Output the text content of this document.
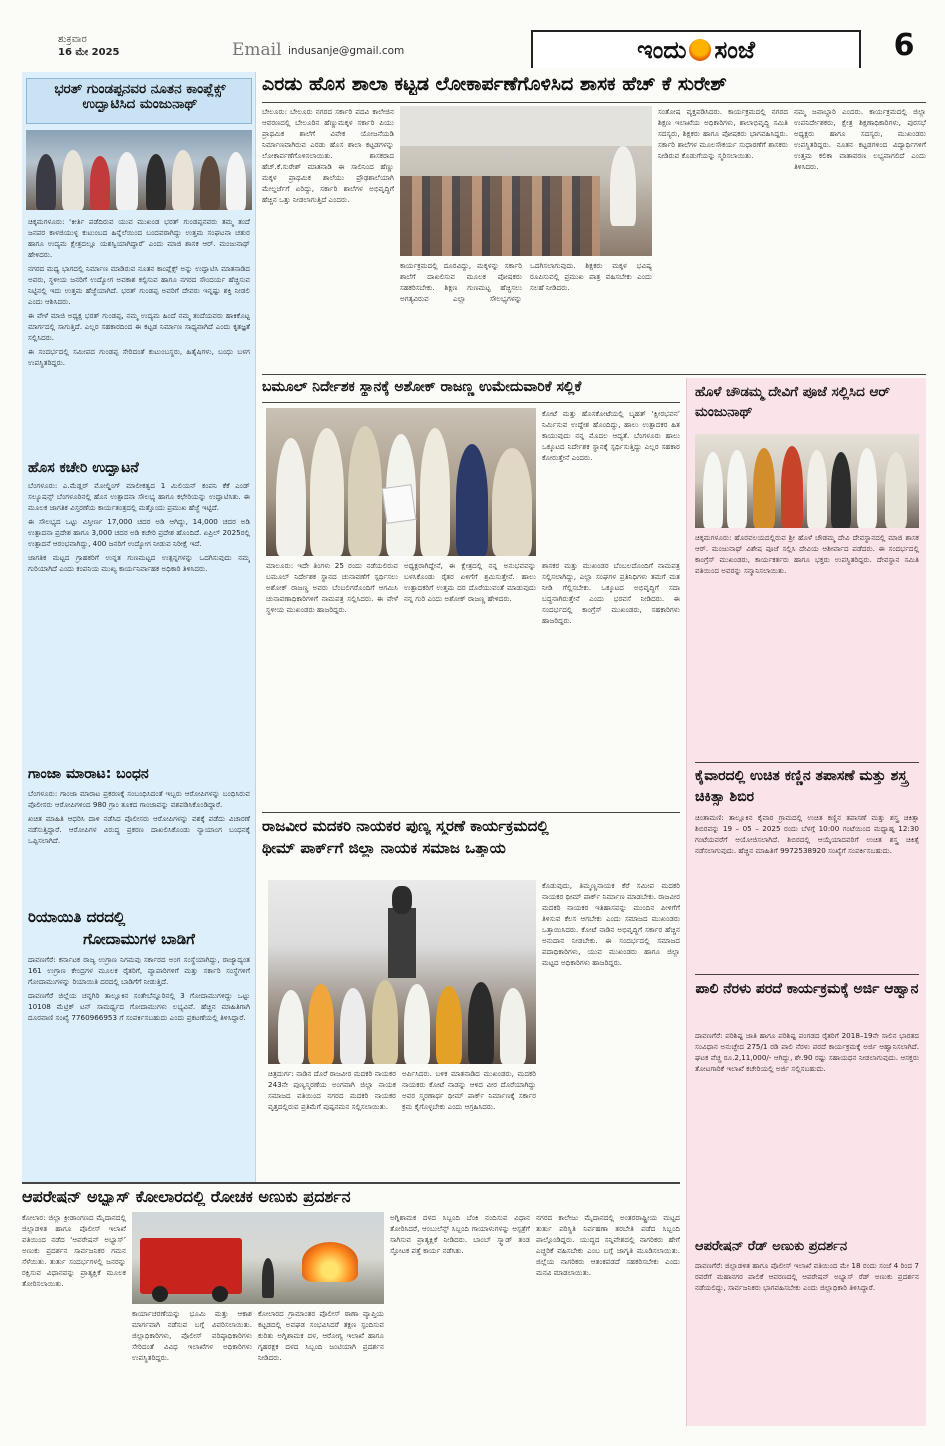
ಶುಕ್ರವಾರ
16 ಮೇ 2025	Email indusanje@gmail.com	ಇಂದು ಸಂಜೆ	6
ಭರತ್ ಗುಂಡಪ್ಪನವರ ನೂತನ ಕಾಂಪ್ಲೆಕ್ಸ್ ಉದ್ಘಾಟಿಸಿದ ಮಂಜುನಾಥ್

ಚಿಕ್ಕಮಗಳೂರು: ‘ಕೀರ್ತಿ ಪಡೆದಿರುವ ಯುವ ಮುಖಂಡ ಭರತ್ ಗುಂಡಪ್ಪನವರು ತಮ್ಮ ತಂದೆ ಜನಪರ ಕಾಳಜಿಯುಳ್ಳ ಕುಟುಂಬದ ಹಿನ್ನೆಲೆಯಿಂದ ಬಂದವರಾಗಿದ್ದು ಉತ್ತಮ ಸಂಘಟನಾ ಚತುರ ಹಾಗೂ ಉದ್ಯಮ ಕ್ಷೇತ್ರದಲ್ಲೂ ಯಶಸ್ವಿಯಾಗಿದ್ದಾರೆ’ ಎಂದು ಮಾಜಿ ಶಾಸಕ ಆರ್. ಮಂಜುನಾಥ್ ಹೇಳಿದರು.

ನಗರದ ಮಧ್ಯ ಭಾಗದಲ್ಲಿ ನಿರ್ಮಾಣ ಮಾಡಿರುವ ನೂತನ ಕಾಂಪ್ಲೆಕ್ಸ್ ಅನ್ನು ಉದ್ಘಾಟಿಸಿ ಮಾತನಾಡಿದ ಅವರು, ಸ್ಥಳೀಯ ಜನರಿಗೆ ಉದ್ಯೋಗ ಅವಕಾಶ ಕಲ್ಪಿಸುವ ಹಾಗೂ ನಗರದ ಸೌಂದರ್ಯ ಹೆಚ್ಚಿಸುವ ನಿಟ್ಟಿನಲ್ಲಿ ಇದು ಉತ್ತಮ ಹೆಜ್ಜೆಯಾಗಿದೆ. ಭರತ್ ಗುಂಡಪ್ಪ ಅವರಿಗೆ ದೇವರು ಇನ್ನಷ್ಟು ಶಕ್ತಿ ನೀಡಲಿ ಎಂದು ಆಶಿಸಿದರು.

ಈ ವೇಳೆ ಮಾಜಿ ಅಧ್ಯಕ್ಷ ಭರತ್ ಗುಂಡಪ್ಪ, ನಮ್ಮ ಉದ್ಯಮ ಹಿಂದೆ ನಮ್ಮ ತಂದೆಯವರು ಹಾಕಿಕೊಟ್ಟ ಮಾರ್ಗದಲ್ಲಿ ಸಾಗುತ್ತಿದೆ. ಎಲ್ಲರ ಸಹಕಾರದಿಂದ ಈ ಕಟ್ಟಡ ನಿರ್ಮಾಣ ಸಾಧ್ಯವಾಗಿದೆ ಎಂದು ಕೃತಜ್ಞತೆ ಸಲ್ಲಿಸಿದರು.

ಈ ಸಂದರ್ಭದಲ್ಲಿ ಸಮೀಪದ ಗುಂಡಪ್ಪ ಸೇರಿದಂತೆ ಕುಟುಂಬಸ್ಥರು, ಹಿತೈಷಿಗಳು, ಬಂಧು ಬಳಗ ಉಪಸ್ಥಿತರಿದ್ದರು.

ಹೊಸ ಕಚೇರಿ ಉದ್ಘಾಟನೆ

ಬೆಂಗಳೂರು: ಎ.ಮೆಡ್ಲರ್ ಮೋಲ್ಡಿಂಗ್ ಮಾಲೀಕತ್ವದ 1 ಮಿಲಿಯನ್ ಕಂಪನಿ ಕೆಕೆ ಎಂಡ್ ಸಲ್ಯೂಷನ್ಸ್ ಬೆಂಗಳೂರಿನಲ್ಲಿ ಹೊಸ ಉತ್ಪಾದನಾ ಸೌಲಭ್ಯ ಹಾಗೂ ಕಛೇರಿಯನ್ನು ಉದ್ಘಾಟಿಸಿತು. ಈ ಮೂಲಕ ಜಾಗತಿಕ ವಿಸ್ತರಣೆಯ ಕಾರ್ಯತಂತ್ರದಲ್ಲಿ ಮತ್ತೊಂದು ಪ್ರಮುಖ ಹೆಜ್ಜೆ ಇಟ್ಟಿದೆ.

ಈ ಸೌಲಭ್ಯದ ಒಟ್ಟು ವಿಸ್ತೀರ್ಣ 17,000 ಚದರ ಅಡಿ ಆಗಿದ್ದು, 14,000 ಚದರ ಅಡಿ ಉತ್ಪಾದನಾ ಪ್ರದೇಶ ಹಾಗೂ 3,000 ಚದರ ಅಡಿ ಕಚೇರಿ ಪ್ರದೇಶ ಹೊಂದಿದೆ. ಏಪ್ರಿಲ್ 2025ರಲ್ಲಿ ಉತ್ಪಾದನೆ ಆರಂಭವಾಗಿದ್ದು, 400 ಜನರಿಗೆ ಉದ್ಯೋಗ ನೀಡುವ ನಿರೀಕ್ಷೆ ಇದೆ.

ಜಾಗತಿಕ ಮಟ್ಟದ ಗ್ರಾಹಕರಿಗೆ ಉನ್ನತ ಗುಣಮಟ್ಟದ ಉತ್ಪನ್ನಗಳನ್ನು ಒದಗಿಸುವುದು ನಮ್ಮ ಗುರಿಯಾಗಿದೆ ಎಂದು ಕಂಪನಿಯ ಮುಖ್ಯ ಕಾರ್ಯನಿರ್ವಾಹಕ ಅಧಿಕಾರಿ ತಿಳಿಸಿದರು.

ಗಾಂಜಾ ಮಾರಾಟ: ಬಂಧನ

ಬೆಂಗಳೂರು: ಗಾಂಜಾ ಮಾರಾಟ ಪ್ರಕರಣಕ್ಕೆ ಸಂಬಂಧಿಸಿದಂತೆ ಇಬ್ಬರು ಆರೋಪಿಗಳನ್ನು ಬಂಧಿಸಿರುವ ಪೊಲೀಸರು ಆರೋಪಿಗಳಿಂದ 980 ಗ್ರಾಂ ತೂಕದ ಗಾಂಜಾವನ್ನು ವಶಪಡಿಸಿಕೊಂಡಿದ್ದಾರೆ.

ಖಚಿತ ಮಾಹಿತಿ ಆಧರಿಸಿ ದಾಳಿ ನಡೆಸಿದ ಪೊಲೀಸರು ಆರೋಪಿಗಳನ್ನು ವಶಕ್ಕೆ ಪಡೆದು ವಿಚಾರಣೆ ನಡೆಸುತ್ತಿದ್ದಾರೆ. ಆರೋಪಿಗಳ ವಿರುದ್ಧ ಪ್ರಕರಣ ದಾಖಲಿಸಿಕೊಂಡು ನ್ಯಾಯಾಂಗ ಬಂಧನಕ್ಕೆ ಒಪ್ಪಿಸಲಾಗಿದೆ.

ರಿಯಾಯಿತಿ ದರದಲ್ಲಿ
ಗೋದಾಮುಗಳ ಬಾಡಿಗೆ

ದಾವಣಗೆರೆ: ಕರ್ನಾಟಕ ರಾಜ್ಯ ಉಗ್ರಾಣ ನಿಗಮವು ಸರ್ಕಾರದ ಅಂಗ ಸಂಸ್ಥೆಯಾಗಿದ್ದು, ರಾಜ್ಯಾದ್ಯಂತ 161 ಉಗ್ರಾಣ ಕೇಂದ್ರಗಳ ಮೂಲಕ ರೈತರಿಗೆ, ವ್ಯಾಪಾರಿಗಳಿಗೆ ಮತ್ತು ಸರ್ಕಾರಿ ಸಂಸ್ಥೆಗಳಿಗೆ ಗೋದಾಮುಗಳನ್ನು ರಿಯಾಯಿತಿ ದರದಲ್ಲಿ ಬಾಡಿಗೆಗೆ ನೀಡುತ್ತಿದೆ.

ದಾವಣಗೆರೆ ಜಿಲ್ಲೆಯ ಚನ್ನಗಿರಿ ತಾಲ್ಲೂಕಿನ ಸಂತೇಬೆನ್ನೂರಿನಲ್ಲಿ 3 ಗೋದಾಮುಗಳಿದ್ದು ಒಟ್ಟು 10108 ಮೆಟ್ರಿಕ್ ಟನ್ ಸಾಮರ್ಥ್ಯದ ಗೋದಾಮುಗಳು ಲಭ್ಯವಿವೆ. ಹೆಚ್ಚಿನ ಮಾಹಿತಿಗಾಗಿ ದೂರವಾಣಿ ಸಂಖ್ಯೆ 7760966953 ಗೆ ಸಂಪರ್ಕಿಸಬಹುದು ಎಂದು ಪ್ರಕಟಣೆಯಲ್ಲಿ ತಿಳಿಸಿದ್ದಾರೆ.

ಎರಡು ಹೊಸ ಶಾಲಾ ಕಟ್ಟಡ ಲೋಕಾರ್ಪಣೆಗೊಳಿಸಿದ ಶಾಸಕ ಹೆಚ್ ಕೆ ಸುರೇಶ್
ಬೇಲೂರು: ಬೇಲೂರು ನಗರದ ಸರ್ಕಾರಿ ಪದವಿ ಕಾಲೇಜಿನ ಆವರಣದಲ್ಲಿ ಬೇಲೂರಿನ ಹೆಣ್ಣುಮಕ್ಕಳ ಸರ್ಕಾರಿ ಪಿಯು ಪ್ರಾಥಮಿಕ ಶಾಲೆಗೆ ವಿವೇಕ ಯೋಜನೆಯಡಿ ನಿರ್ಮಾಣವಾಗಿರುವ ಎರಡು ಹೊಸ ಶಾಲಾ ಕಟ್ಟಡಗಳನ್ನು ಲೋಕಾರ್ಪಣೆಗೊಳಿಸಲಾಯಿತು. ಶಾಸಕರಾದ ಹೆಚ್.ಕೆ.ಸುರೇಶ್ ಮಾತನಾಡಿ ಈ ಸಾಲಿನಿಂದ ಹೆಣ್ಣು ಮಕ್ಕಳ ಪ್ರಾಥಮಿಕ ಶಾಲೆಯು ಪ್ರೌಢಶಾಲೆಯಾಗಿ ಮೇಲ್ದರ್ಜೆಗೆ ಏರಿದ್ದು, ಸರ್ಕಾರಿ ಶಾಲೆಗಳ ಅಭಿವೃದ್ಧಿಗೆ ಹೆಚ್ಚಿನ ಒತ್ತು ನೀಡಲಾಗುತ್ತಿದೆ ಎಂದರು.
ಕಾರ್ಯಕ್ರಮದಲ್ಲಿ ದೂರವಿದ್ದು, ಮಕ್ಕಳನ್ನು ಸರ್ಕಾರಿ ಶಾಲೆಗೆ ದಾಖಲಿಸುವ ಮೂಲಕ ಪೋಷಕರು ಸಹಕರಿಸಬೇಕು. ಶಿಕ್ಷಣ ಗುಣಮಟ್ಟ ಹೆಚ್ಚಿಸಲು ಅಗತ್ಯವಿರುವ ಎಲ್ಲಾ ಸೌಲಭ್ಯಗಳನ್ನು ಒದಗಿಸಲಾಗುವುದು. ಶಿಕ್ಷಕರು ಮಕ್ಕಳ ಭವಿಷ್ಯ ರೂಪಿಸುವಲ್ಲಿ ಪ್ರಮುಖ ಪಾತ್ರ ವಹಿಸಬೇಕು ಎಂದು ಸಲಹೆ ನೀಡಿದರು.
ಸಂತೋಷ ವ್ಯಕ್ತಪಡಿಸಿದರು. ಕಾರ್ಯಕ್ರಮದಲ್ಲಿ ನಗರದ ಶಿಕ್ಷಣ ಇಲಾಖೆಯ ಅಧಿಕಾರಿಗಳು, ಶಾಲಾಭಿವೃದ್ಧಿ ಸಮಿತಿ ಸದಸ್ಯರು, ಶಿಕ್ಷಕರು ಹಾಗೂ ಪೋಷಕರು ಭಾಗವಹಿಸಿದ್ದರು. ಸರ್ಕಾರಿ ಶಾಲೆಗಳ ಮೂಲಸೌಕರ್ಯ ಸುಧಾರಣೆಗೆ ಶಾಸಕರು ನೀಡಿರುವ ಕೊಡುಗೆಯನ್ನು ಸ್ಮರಿಸಲಾಯಿತು.
ನಮ್ಮ ಜವಾಬ್ದಾರಿ ಎಂದರು. ಕಾರ್ಯಕ್ರಮದಲ್ಲಿ ಜಿಲ್ಲಾ ಉಪನಿರ್ದೇಶಕರು, ಕ್ಷೇತ್ರ ಶಿಕ್ಷಣಾಧಿಕಾರಿಗಳು, ಪುರಸಭೆ ಅಧ್ಯಕ್ಷರು ಹಾಗೂ ಸದಸ್ಯರು, ಮುಖಂಡರು ಉಪಸ್ಥಿತರಿದ್ದರು. ನೂತನ ಕಟ್ಟಡಗಳಿಂದ ವಿದ್ಯಾರ್ಥಿಗಳಿಗೆ ಉತ್ತಮ ಕಲಿಕಾ ವಾತಾವರಣ ಲಭ್ಯವಾಗಲಿದೆ ಎಂದು ತಿಳಿಸಿದರು.
ಬಮೂಲ್ ನಿರ್ದೇಶಕ ಸ್ಥಾನಕ್ಕೆ ಅಶೋಕ್ ರಾಜಣ್ಣ ಉಮೇದುವಾರಿಕೆ ಸಲ್ಲಿಕೆ
ಕೋಟೆ ಮತ್ತು ಹೊಸಕೋಟೆಯಲ್ಲಿ ಬೃಹತ್ ‘ಕ್ಷೀರಭವನ’ ನಿರ್ಮಿಸುವ ಉದ್ದೇಶ ಹೊಂದಿದ್ದು, ಹಾಲು ಉತ್ಪಾದಕರ ಹಿತ ಕಾಯುವುದು ನನ್ನ ಮೊದಲ ಆದ್ಯತೆ. ಬೆಂಗಳೂರು ಹಾಲು ಒಕ್ಕೂಟದ ನಿರ್ದೇಶಕ ಸ್ಥಾನಕ್ಕೆ ಸ್ಪರ್ಧಿಸುತ್ತಿದ್ದು ಎಲ್ಲರ ಸಹಕಾರ ಕೋರುತ್ತೇನೆ ಎಂದರು.
ಮಾಲೂರು: ಇದೇ ತಿಂಗಳು 25 ರಂದು ನಡೆಯಲಿರುವ ಬಮೂಲ್ ನಿರ್ದೇಶಕ ಸ್ಥಾನದ ಚುನಾವಣೆಗೆ ಸ್ಪರ್ಧಿಸಲು ಅಶೋಕ್ ರಾಜಣ್ಣ ಅವರು ಬೆಂಬಲಿಗರೊಂದಿಗೆ ಆಗಮಿಸಿ ಚುನಾವಣಾಧಿಕಾರಿಗಳಿಗೆ ನಾಮಪತ್ರ ಸಲ್ಲಿಸಿದರು. ಈ ವೇಳೆ ಸ್ಥಳೀಯ ಮುಖಂಡರು ಹಾಜರಿದ್ದರು.
ಅಧ್ಯಕ್ಷರಾಗಿದ್ದೇನೆ, ಈ ಕ್ಷೇತ್ರದಲ್ಲಿ ನನ್ನ ಅನುಭವವನ್ನು ಬಳಸಿಕೊಂಡು ರೈತರ ಏಳಿಗೆಗೆ ಶ್ರಮಿಸುತ್ತೇನೆ. ಹಾಲು ಉತ್ಪಾದಕರಿಗೆ ಉತ್ತಮ ದರ ದೊರೆಯುವಂತೆ ಮಾಡುವುದು ನನ್ನ ಗುರಿ ಎಂದು ಅಶೋಕ್ ರಾಜಣ್ಣ ಹೇಳಿದರು.
ಶಾಸಕರ ಮತ್ತು ಮುಖಂಡರ ಬೆಂಬಲದೊಂದಿಗೆ ನಾಮಪತ್ರ ಸಲ್ಲಿಸಲಾಗಿದ್ದು, ಎಲ್ಲಾ ಸಂಘಗಳ ಪ್ರತಿನಿಧಿಗಳು ತಮಗೆ ಮತ ನೀಡಿ ಗೆಲ್ಲಿಸಬೇಕು. ಒಕ್ಕೂಟದ ಅಭಿವೃದ್ಧಿಗೆ ಸದಾ ಬದ್ಧನಾಗಿರುತ್ತೇನೆ ಎಂದು ಭರವಸೆ ನೀಡಿದರು. ಈ ಸಂದರ್ಭದಲ್ಲಿ ಕಾಂಗ್ರೆಸ್ ಮುಖಂಡರು, ಸಹಕಾರಿಗಳು ಹಾಜರಿದ್ದರು.
ಹೊಳೆ ಚೌಡಮ್ಮ ದೇವಿಗೆ ಪೂಜೆ ಸಲ್ಲಿಸಿದ ಆರ್ ಮಂಜುನಾಥ್
ಚಿಕ್ಕಮಗಳೂರು: ಹೊರವಲಯದಲ್ಲಿರುವ ಶ್ರೀ ಹೊಳೆ ಚೌಡಮ್ಮ ದೇವಿ ದೇವಸ್ಥಾನದಲ್ಲಿ ಮಾಜಿ ಶಾಸಕ ಆರ್. ಮಂಜುನಾಥ್ ವಿಶೇಷ ಪೂಜೆ ಸಲ್ಲಿಸಿ ದೇವಿಯ ಆಶೀರ್ವಾದ ಪಡೆದರು. ಈ ಸಂದರ್ಭದಲ್ಲಿ ಕಾಂಗ್ರೆಸ್ ಮುಖಂಡರು, ಕಾರ್ಯಕರ್ತರು ಹಾಗೂ ಭಕ್ತರು ಉಪಸ್ಥಿತರಿದ್ದರು. ದೇವಸ್ಥಾನ ಸಮಿತಿ ವತಿಯಿಂದ ಅವರನ್ನು ಸನ್ಮಾನಿಸಲಾಯಿತು.
ಕೈವಾರದಲ್ಲಿ ಉಚಿತ ಕಣ್ಣಿನ ತಪಾಸಣೆ ಮತ್ತು ಶಸ್ತ್ರ ಚಿಕಿತ್ಸಾ ಶಿಬಿರ
ಚಿಂತಾಮಣಿ: ತಾಲ್ಲೂಕಿನ ಕೈವಾರ ಗ್ರಾಮದಲ್ಲಿ ಉಚಿತ ಕಣ್ಣಿನ ತಪಾಸಣೆ ಮತ್ತು ಶಸ್ತ್ರ ಚಿಕಿತ್ಸಾ ಶಿಬಿರವನ್ನು 19 – 05 – 2025 ರಂದು ಬೆಳಗ್ಗೆ 10:00 ಗಂಟೆಯಿಂದ ಮಧ್ಯಾಹ್ನ 12:30 ಗಂಟೆಯವರೆಗೆ ಆಯೋಜಿಸಲಾಗಿದೆ. ಶಿಬಿರದಲ್ಲಿ ಆಯ್ಕೆಯಾದವರಿಗೆ ಉಚಿತ ಶಸ್ತ್ರ ಚಿಕಿತ್ಸೆ ನಡೆಸಲಾಗುವುದು. ಹೆಚ್ಚಿನ ಮಾಹಿತಿಗೆ 9972538920 ಸಂಖ್ಯೆಗೆ ಸಂಪರ್ಕಿಸಬಹುದು.
ಪಾಲಿ ನೆರಳು ಪರದೆ ಕಾರ್ಯಕ್ರಮಕ್ಕೆ ಅರ್ಜಿ ಆಹ್ವಾನ
ದಾವಣಗೆರೆ: ಪರಿಶಿಷ್ಟ ಜಾತಿ ಹಾಗೂ ಪರಿಶಿಷ್ಟ ಪಂಗಡದ ರೈತರಿಗೆ 2018–19ನೇ ಸಾಲಿನ ಭಾರತದ ಸಂವಿಧಾನ ಅನುಚ್ಛೇದ 275/1 ರಡಿ ಪಾಲಿ ನೆರಳು ಪರದೆ ಕಾರ್ಯಕ್ರಮಕ್ಕೆ ಅರ್ಜಿ ಆಹ್ವಾನಿಸಲಾಗಿದೆ. ಘಟಕ ವೆಚ್ಚ ರೂ.2,11,000/- ಆಗಿದ್ದು, ಶೇ.90 ರಷ್ಟು ಸಹಾಯಧನ ನೀಡಲಾಗುವುದು. ಆಸಕ್ತರು ತೋಟಗಾರಿಕೆ ಇಲಾಖೆ ಕಚೇರಿಯಲ್ಲಿ ಅರ್ಜಿ ಸಲ್ಲಿಸಬಹುದು.
ಆಪರೇಷನ್ ರೆಡ್ ಅಣುಕು ಪ್ರದರ್ಶನ
ದಾವಣಗೆರೆ: ಜಿಲ್ಲಾಡಳಿತ ಹಾಗೂ ಪೊಲೀಸ್ ಇಲಾಖೆ ವತಿಯಿಂದ ಮೇ 18 ರಂದು ಸಂಜೆ 4 ರಿಂದ 7 ರವರೆಗೆ ಮಹಾನಗರ ಪಾಲಿಕೆ ಆವರಣದಲ್ಲಿ ಆಪರೇಷನ್ ಅಭ್ಯಾಸ್ ರೆಡ್ ಅಣುಕು ಪ್ರದರ್ಶನ ನಡೆಯಲಿದ್ದು, ಸಾರ್ವಜನಿಕರು ಭಾಗವಹಿಸಬೇಕು ಎಂದು ಜಿಲ್ಲಾಧಿಕಾರಿ ತಿಳಿಸಿದ್ದಾರೆ.
ರಾಜವೀರ ಮದಕರಿ ನಾಯಕರ ಪುಣ್ಯ ಸ್ಮರಣೆ ಕಾರ್ಯಕ್ರಮದಲ್ಲಿ
ಥೀಮ್ ಪಾರ್ಕ್‌ಗೆ ಜಿಲ್ಲಾ ನಾಯಕ ಸಮಾಜ ಒತ್ತಾಯ
ಕೊಡುವುದು, ತಿಮ್ಮಣ್ಣನಾಯಕ ಕೆರೆ ಸಮೀಪ ಮದಕರಿ ನಾಯಕರ ಥೀಮ್ ಪಾರ್ಕ್ ನಿರ್ಮಾಣ ಮಾಡಬೇಕು. ರಾಜವೀರ ಮದಕರಿ ನಾಯಕರ ಇತಿಹಾಸವನ್ನು ಮುಂದಿನ ಪೀಳಿಗೆಗೆ ತಿಳಿಸುವ ಕೆಲಸ ಆಗಬೇಕು ಎಂದು ಸಮಾಜದ ಮುಖಂಡರು ಒತ್ತಾಯಿಸಿದರು. ಕೋಟೆ ನಾಡಿನ ಅಭಿವೃದ್ಧಿಗೆ ಸರ್ಕಾರ ಹೆಚ್ಚಿನ ಅನುದಾನ ನೀಡಬೇಕು. ಈ ಸಂದರ್ಭದಲ್ಲಿ ಸಮಾಜದ ಪದಾಧಿಕಾರಿಗಳು, ಯುವ ಮುಖಂಡರು ಹಾಗೂ ಜಿಲ್ಲಾ ಮಟ್ಟದ ಅಧಿಕಾರಿಗಳು ಹಾಜರಿದ್ದರು.
ಚಿತ್ರದುರ್ಗ: ನಾಡಿನ ದೊರೆ ರಾಜವೀರ ಮದಕರಿ ನಾಯಕರ 243ನೇ ಪುಣ್ಯಸ್ಮರಣೆಯ ಅಂಗವಾಗಿ ಜಿಲ್ಲಾ ನಾಯಕ ಸಮಾಜದ ವತಿಯಿಂದ ನಗರದ ಮದಕರಿ ನಾಯಕರ ವೃತ್ತದಲ್ಲಿರುವ ಪ್ರತಿಮೆಗೆ ಪುಷ್ಪನಮನ ಸಲ್ಲಿಸಲಾಯಿತು.
ಅರ್ಪಿಸಿದರು. ಬಳಿಕ ಮಾತನಾಡಿದ ಮುಖಂಡರು, ಮದಕರಿ ನಾಯಕರು ಕೋಟೆ ನಾಡನ್ನು ಆಳಿದ ವೀರ ದೊರೆಯಾಗಿದ್ದು ಅವರ ಸ್ಮರಣಾರ್ಥ ಥೀಮ್ ಪಾರ್ಕ್ ನಿರ್ಮಾಣಕ್ಕೆ ಸರ್ಕಾರ ಕ್ರಮ ಕೈಗೊಳ್ಳಬೇಕು ಎಂದು ಆಗ್ರಹಿಸಿದರು.
ಆಪರೇಷನ್ ಅಭ್ಯಾಸ್ ಕೋಲಾರದಲ್ಲಿ ರೋಚಕ ಅಣುಕು ಪ್ರದರ್ಶನ
ಕೋಲಾರ: ಜಿಲ್ಲಾ ಕ್ರೀಡಾಂಗಣದ ಮೈದಾನದಲ್ಲಿ ಜಿಲ್ಲಾಡಳಿತ ಹಾಗೂ ಪೊಲೀಸ್ ಇಲಾಖೆ ವತಿಯಿಂದ ನಡೆದ ‘ಆಪರೇಷನ್ ಅಭ್ಯಾಸ್’ ಅಣುಕು ಪ್ರದರ್ಶನ ಸಾರ್ವಜನಿಕರ ಗಮನ ಸೆಳೆಯಿತು. ತುರ್ತು ಸಂದರ್ಭಗಳಲ್ಲಿ ಜನರನ್ನು ರಕ್ಷಿಸುವ ವಿಧಾನವನ್ನು ಪ್ರಾತ್ಯಕ್ಷಿಕೆ ಮೂಲಕ ತೋರಿಸಲಾಯಿತು.
ಕಾರ್ಯಾಚರಣೆಯನ್ನು ಭೂಮಿ ಮತ್ತು ಆಕಾಶ ಮಾರ್ಗವಾಗಿ ನಡೆಸುವ ಬಗ್ಗೆ ವಿವರಿಸಲಾಯಿತು. ಜಿಲ್ಲಾಧಿಕಾರಿಗಳು, ಪೊಲೀಸ್ ವರಿಷ್ಠಾಧಿಕಾರಿಗಳು ಸೇರಿದಂತೆ ವಿವಿಧ ಇಲಾಖೆಗಳ ಅಧಿಕಾರಿಗಳು ಉಪಸ್ಥಿತರಿದ್ದರು.
ಕೋಲಾರದ ಗ್ರಾಮಾಂತರ ಪೊಲೀಸ್ ಠಾಣಾ ವ್ಯಾಪ್ತಿಯ ಕಟ್ಟಡದಲ್ಲಿ ಅವಘಡ ಸಂಭವಿಸಿದರೆ ತಕ್ಷಣ ಸ್ಪಂದಿಸುವ ಕುರಿತು ಅಗ್ನಿಶಾಮಕ ದಳ, ಆರೋಗ್ಯ ಇಲಾಖೆ ಹಾಗೂ ಗೃಹರಕ್ಷಕ ದಳದ ಸಿಬ್ಬಂದಿ ಜಂಟಿಯಾಗಿ ಪ್ರದರ್ಶನ ನೀಡಿದರು.
ಅಗ್ನಿಶಾಮಕ ದಳದ ಸಿಬ್ಬಂದಿ ಬೆಂಕಿ ನಂದಿಸುವ ವಿಧಾನ ತೋರಿಸಿದರೆ, ಆಂಬುಲೆನ್ಸ್ ಸಿಬ್ಬಂದಿ ಗಾಯಾಳುಗಳನ್ನು ಆಸ್ಪತ್ರೆಗೆ ಸಾಗಿಸುವ ಪ್ರಾತ್ಯಕ್ಷಿಕೆ ನೀಡಿದರು. ಬಾಂಬ್ ಸ್ಕ್ವಾಡ್ ತಂಡ ಸ್ಫೋಟಕ ಪತ್ತೆ ಕಾರ್ಯ ನಡೆಸಿತು.
ನಗರದ ಕಾಲೇಜು ಮೈದಾನದಲ್ಲಿ ಅಂತರರಾಷ್ಟ್ರೀಯ ಮಟ್ಟದ ತುರ್ತು ಪರಿಸ್ಥಿತಿ ನಿರ್ವಹಣಾ ತರಬೇತಿ ಪಡೆದ ಸಿಬ್ಬಂದಿ ಪಾಲ್ಗೊಂಡಿದ್ದರು. ಯುದ್ಧದ ಸನ್ನಿವೇಶದಲ್ಲಿ ನಾಗರಿಕರು ಹೇಗೆ ಎಚ್ಚರಿಕೆ ವಹಿಸಬೇಕು ಎಂಬ ಬಗ್ಗೆ ಜಾಗೃತಿ ಮೂಡಿಸಲಾಯಿತು. ಜಿಲ್ಲೆಯ ನಾಗರಿಕರು ಆತಂಕಪಡದೆ ಸಹಕರಿಸಬೇಕು ಎಂದು ಮನವಿ ಮಾಡಲಾಯಿತು.
